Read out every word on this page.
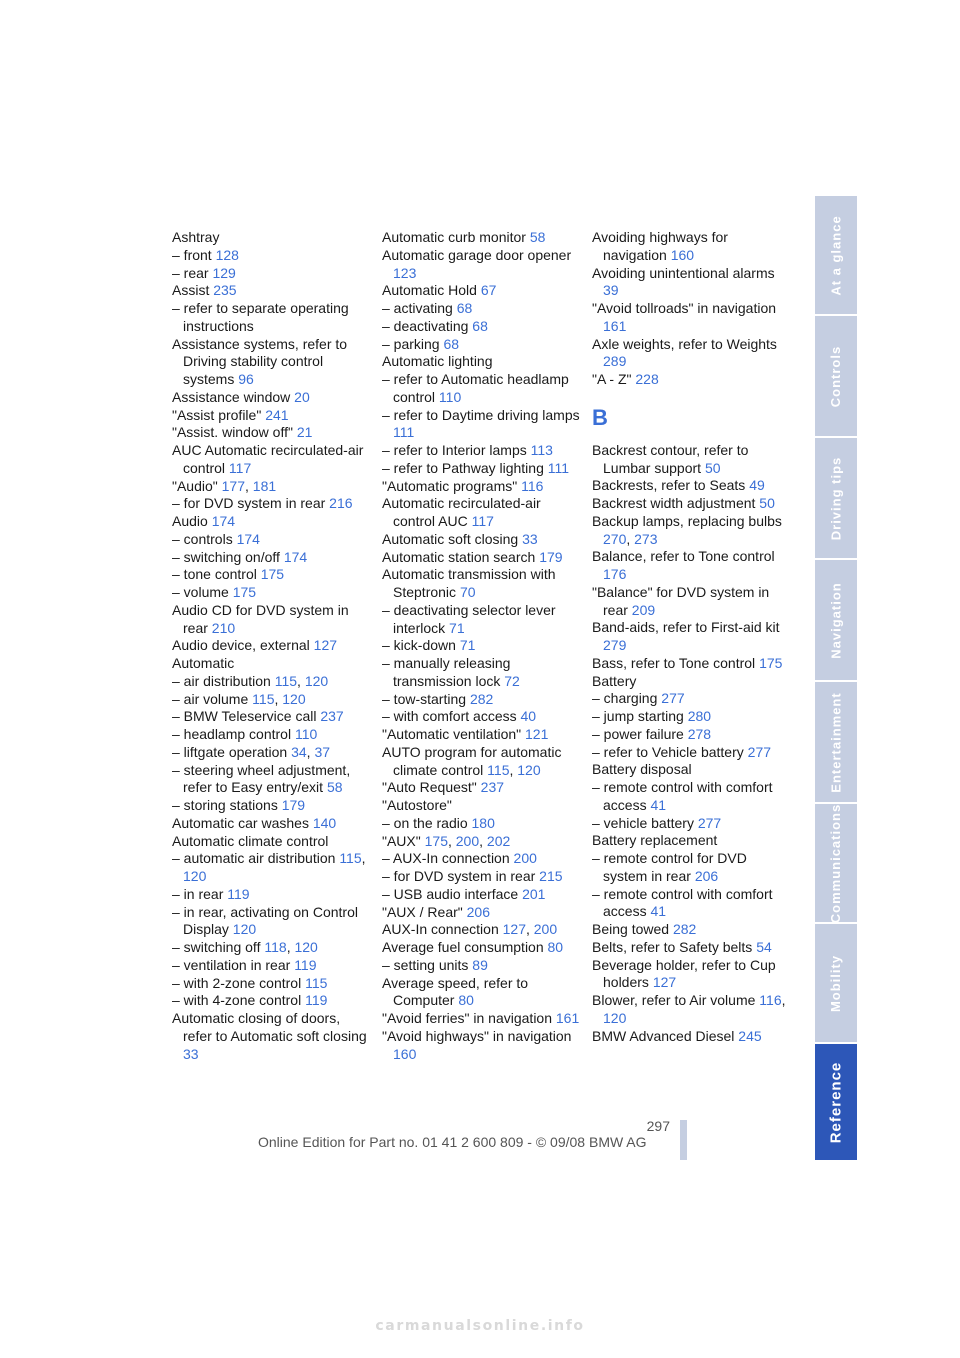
Ashtray
– front 128
– rear 129
Assist 235
– refer to separate operating instructions
Assistance systems, refer to Driving stability control systems 96
Assistance window 20
"Assist profile" 241
"Assist. window off" 21
AUC Automatic recirculated-air control 117
"Audio" 177, 181
– for DVD system in rear 216
Audio 174
– controls 174
– switching on/off 174
– tone control 175
– volume 175
Audio CD for DVD system in rear 210
Audio device, external 127
Automatic
– air distribution 115, 120
– air volume 115, 120
– BMW Teleservice call 237
– headlamp control 110
– liftgate operation 34, 37
– steering wheel adjustment, refer to Easy entry/exit 58
– storing stations 179
Automatic car washes 140
Automatic climate control
– automatic air distribution 115, 120
– in rear 119
– in rear, activating on Control Display 120
– switching off 118, 120
– ventilation in rear 119
– with 2-zone control 115
– with 4-zone control 119
Automatic closing of doors, refer to Automatic soft closing 33
Automatic curb monitor 58
Automatic garage door opener 123
Automatic Hold 67
– activating 68
– deactivating 68
– parking 68
Automatic lighting
– refer to Automatic headlamp control 110
– refer to Daytime driving lamps 111
– refer to Interior lamps 113
– refer to Pathway lighting 111
"Automatic programs" 116
Automatic recirculated-air control AUC 117
Automatic soft closing 33
Automatic station search 179
Automatic transmission with Steptronic 70
– deactivating selector lever interlock 71
– kick-down 71
– manually releasing transmission lock 72
– tow-starting 282
– with comfort access 40
"Automatic ventilation" 121
AUTO program for automatic climate control 115, 120
"Auto Request" 237
"Autostore"
– on the radio 180
"AUX" 175, 200, 202
– AUX-In connection 200
– for DVD system in rear 215
– USB audio interface 201
"AUX / Rear" 206
AUX-In connection 127, 200
Average fuel consumption 80
– setting units 89
Average speed, refer to Computer 80
"Avoid ferries" in navigation 161
"Avoid highways" in navigation 160
Avoiding highways for navigation 160
Avoiding unintentional alarms 39
"Avoid tollroads" in navigation 161
Axle weights, refer to Weights 289
"A - Z" 228
B
Backrest contour, refer to Lumbar support 50
Backrests, refer to Seats 49
Backrest width adjustment 50
Backup lamps, replacing bulbs 270, 273
Balance, refer to Tone control 176
"Balance" for DVD system in rear 209
Band-aids, refer to First-aid kit 279
Bass, refer to Tone control 175
Battery
– charging 277
– jump starting 280
– power failure 278
– refer to Vehicle battery 277
Battery disposal
– remote control with comfort access 41
– vehicle battery 277
Battery replacement
– remote control for DVD system in rear 206
– remote control with comfort access 41
Being towed 282
Belts, refer to Safety belts 54
Beverage holder, refer to Cup holders 127
Blower, refer to Air volume 116, 120
BMW Advanced Diesel 245
At a glance
Controls
Driving tips
Navigation
Entertainment
Communications
Mobility
Reference
297
Online Edition for Part no. 01 41 2 600 809 - © 09/08 BMW AG
carmanualsonline.info
